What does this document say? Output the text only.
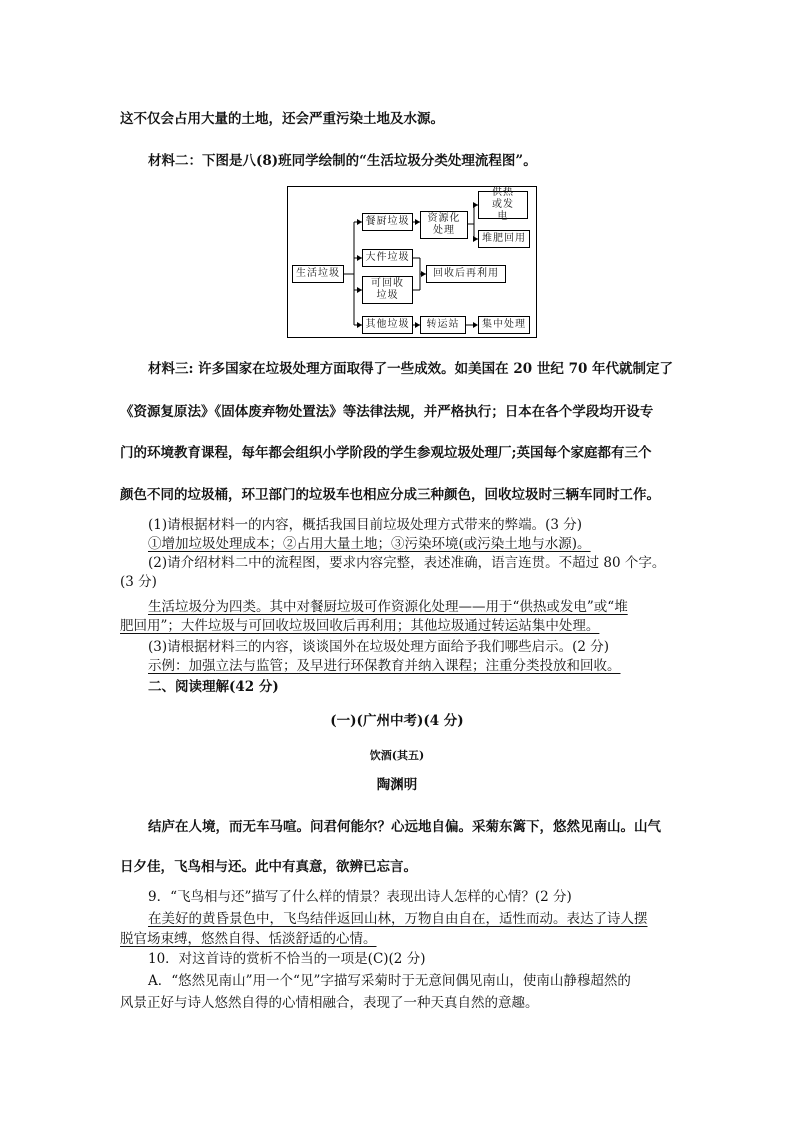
这不仅会占用大量的土地，还会严重污染土地及水源。
材料二：下图是八(8)班同学绘制的“生活垃圾分类处理流程图”。
生活垃圾
餐厨垃圾	资源化处理
供热或发电
堆肥回用
大件垃圾
可回收垃圾
回收后再利用
其他垃圾	转运站	集中处理
材料三: 许多国家在垃圾处理方面取得了一些成效。如美国在 20 世纪 70 年代就制定了
《资源复原法》《固体废弃物处置法》等法律法规，并严格执行；日本在各个学段均开设专
门的环境教育课程，每年都会组织小学阶段的学生参观垃圾处理厂;英国每个家庭都有三个
颜色不同的垃圾桶，环卫部门的垃圾车也相应分成三种颜色，回收垃圾时三辆车同时工作。
(1)请根据材料一的内容，概括我国目前垃圾处理方式带来的弊端。(3 分)
①增加垃圾处理成本；②占用大量土地；③污染环境(或污染土地与水源)。
(2)请介绍材料二中的流程图，要求内容完整，表述准确，语言连贯。不超过 80 个字。
(3 分)
生活垃圾分为四类。其中对餐厨垃圾可作资源化处理——用于“供热或发电”或“堆
肥回用”；大件垃圾与可回收垃圾回收后再利用；其他垃圾通过转运站集中处理。
(3)请根据材料三的内容，谈谈国外在垃圾处理方面给予我们哪些启示。(2 分)
示例：加强立法与监管；及早进行环保教育并纳入课程；注重分类投放和回收。
二、阅读理解(42 分)
(一)(广州中考)(4 分)
饮酒(其五)
陶渊明
结庐在人境，而无车马喧。问君何能尔？心远地自偏。采菊东篱下，悠然见南山。山气
日夕佳，飞鸟相与还。此中有真意，欲辨已忘言。
9．“飞鸟相与还”描写了什么样的情景？表现出诗人怎样的心情？(2 分)
在美好的黄昏景色中，飞鸟结伴返回山林，万物自由自在，适性而动。表达了诗人摆
脱官场束缚，悠然自得、恬淡舒适的心情。
10．对这首诗的赏析不恰当的一项是(C)(2 分)
A．“悠然见南山”用一个“见”字描写采菊时于无意间偶见南山，使南山静穆超然的
风景正好与诗人悠然自得的心情相融合，表现了一种天真自然的意趣。
